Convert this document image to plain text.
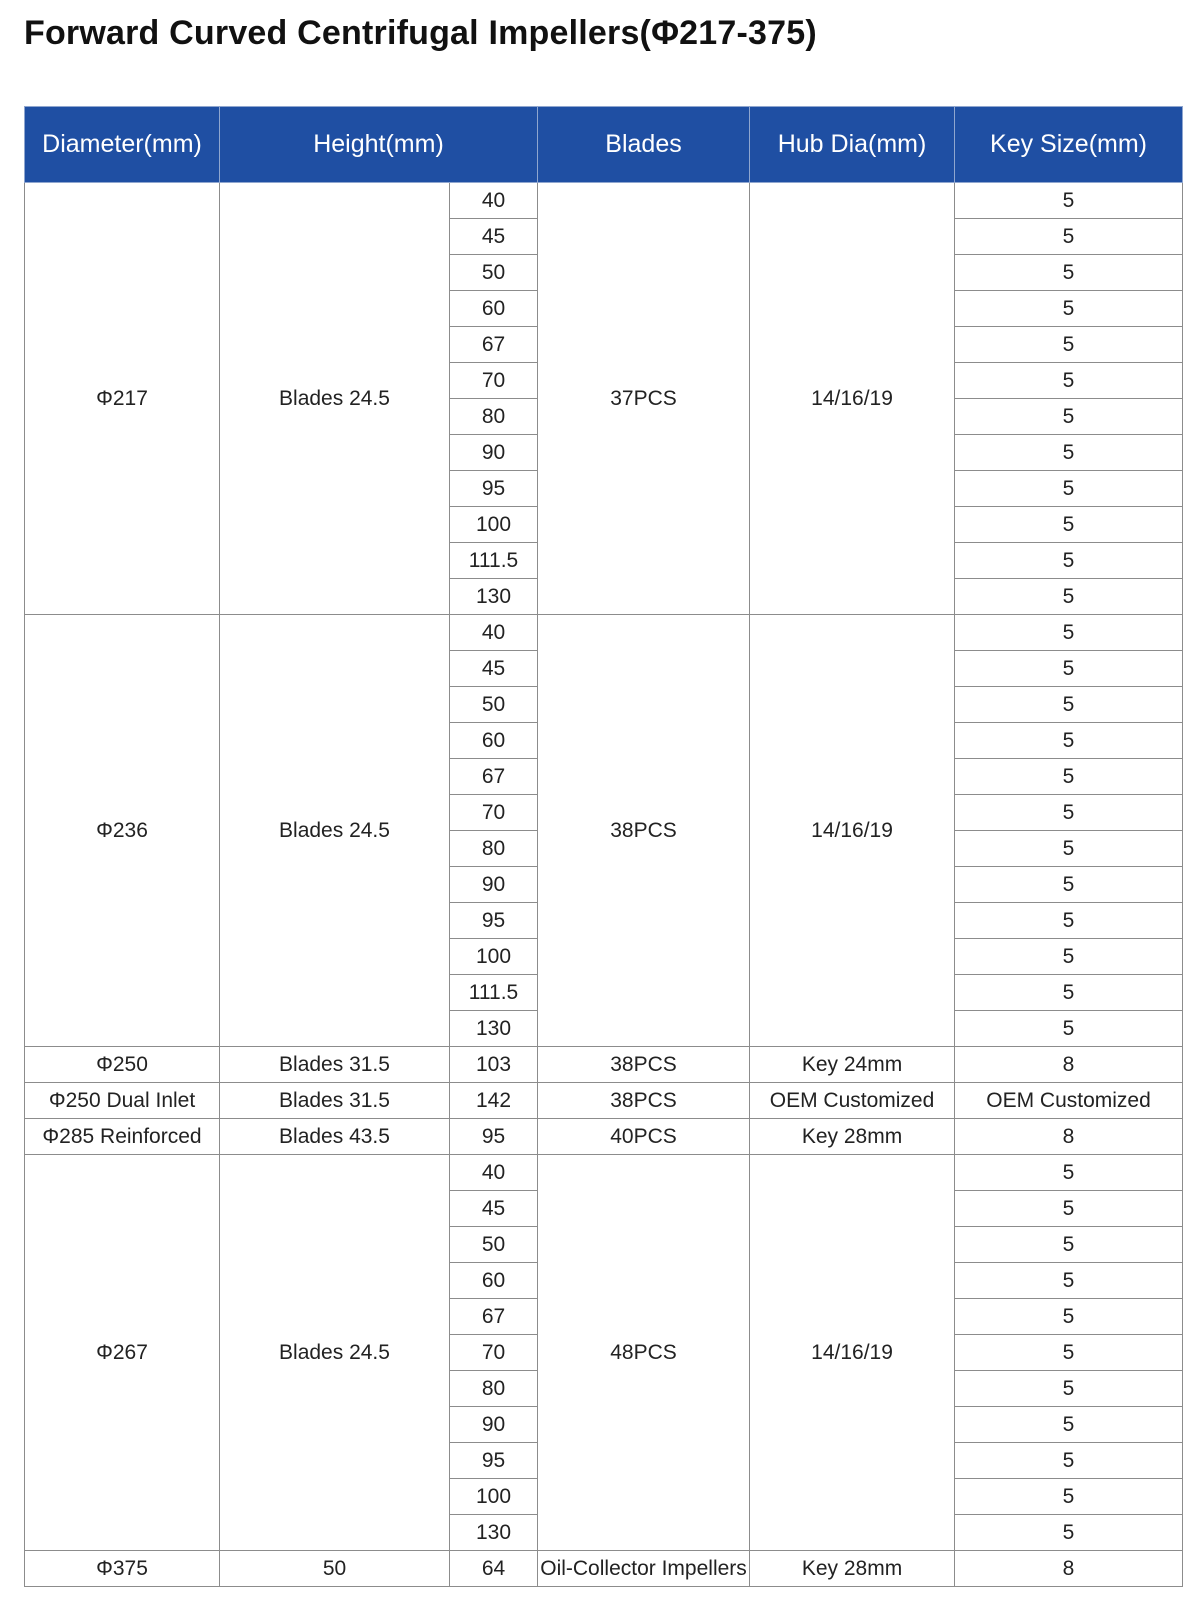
Forward Curved Centrifugal Impellers(Φ217-375)
Diameter(mm)	Height(mm)		Blades	Hub Dia(mm)	Key Size(mm)
Φ217	Blades 24.5	40	37PCS	14/16/19	5
		45			5
		50			5
		60			5
		67			5
		70			5
		80			5
		90			5
		95			5
		100			5
		111.5			5
		130			5
Φ236	Blades 24.5	40	38PCS	14/16/19	5
		45			5
		50			5
		60			5
		67			5
		70			5
		80			5
		90			5
		95			5
		100			5
		111.5			5
		130			5
Φ250	Blades 31.5	103	38PCS	Key 24mm	8
Φ250 Dual Inlet	Blades 31.5	142	38PCS	OEM Customized	OEM Customized
Φ285 Reinforced	Blades 43.5	95	40PCS	Key 28mm	8
Φ267	Blades 24.5	40	48PCS	14/16/19	5
		45			5
		50			5
		60			5
		67			5
		70			5
		80			5
		90			5
		95			5
		100			5
		130			5
Φ375	50	64	Oil-Collector Impellers	Key 28mm	8
